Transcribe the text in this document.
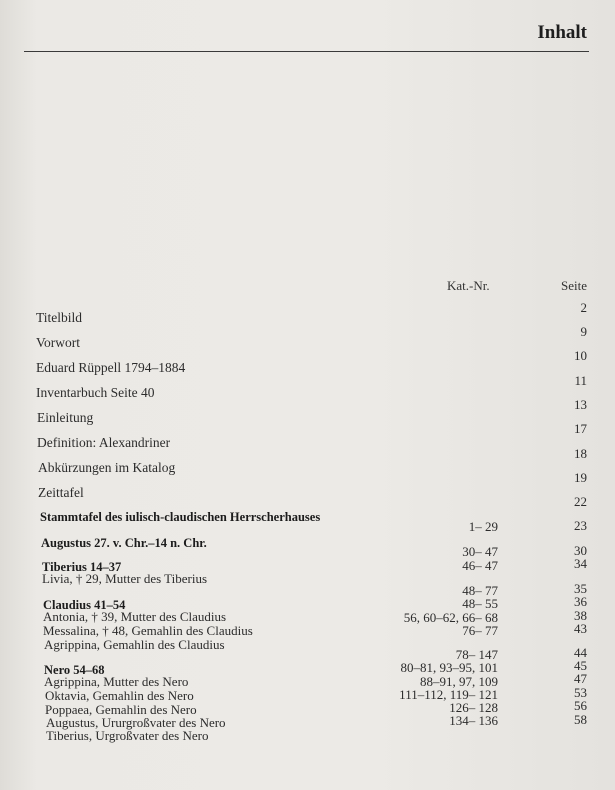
Inhalt
Kat.-Nr.	Seite
Titelbild
Vorwort
Eduard Rüppell 1794–1884
Inventarbuch Seite 40
Einleitung
Definition: Alexandriner
Abkürzungen im Katalog
Zeittafel
Stammtafel des iulisch-claudischen Herrscherhauses
Augustus 27. v. Chr.–14 n. Chr.
Tiberius 14–37
Livia, † 29, Mutter des Tiberius
Claudius 41–54
Antonia, † 39, Mutter des Claudius
Messalina, † 48, Gemahlin des Claudius
Agrippina, Gemahlin des Claudius
Nero 54–68
Agrippina, Mutter des Nero
Oktavia, Gemahlin des Nero
Poppaea, Gemahlin des Nero
Augustus, Ururgroßvater des Nero
Tiberius, Urgroßvater des Nero
1– 29
30– 47
46– 47
48– 77
48– 55
56, 60–62, 66– 68
76– 77
78– 147
80–81, 93–95, 101
88–91, 97, 109
111–112, 119– 121
126– 128
134– 136
2
9
10
11
13
17
18
19
22
23
30
34
35
36
38
43
44
45
47
53
56
58
